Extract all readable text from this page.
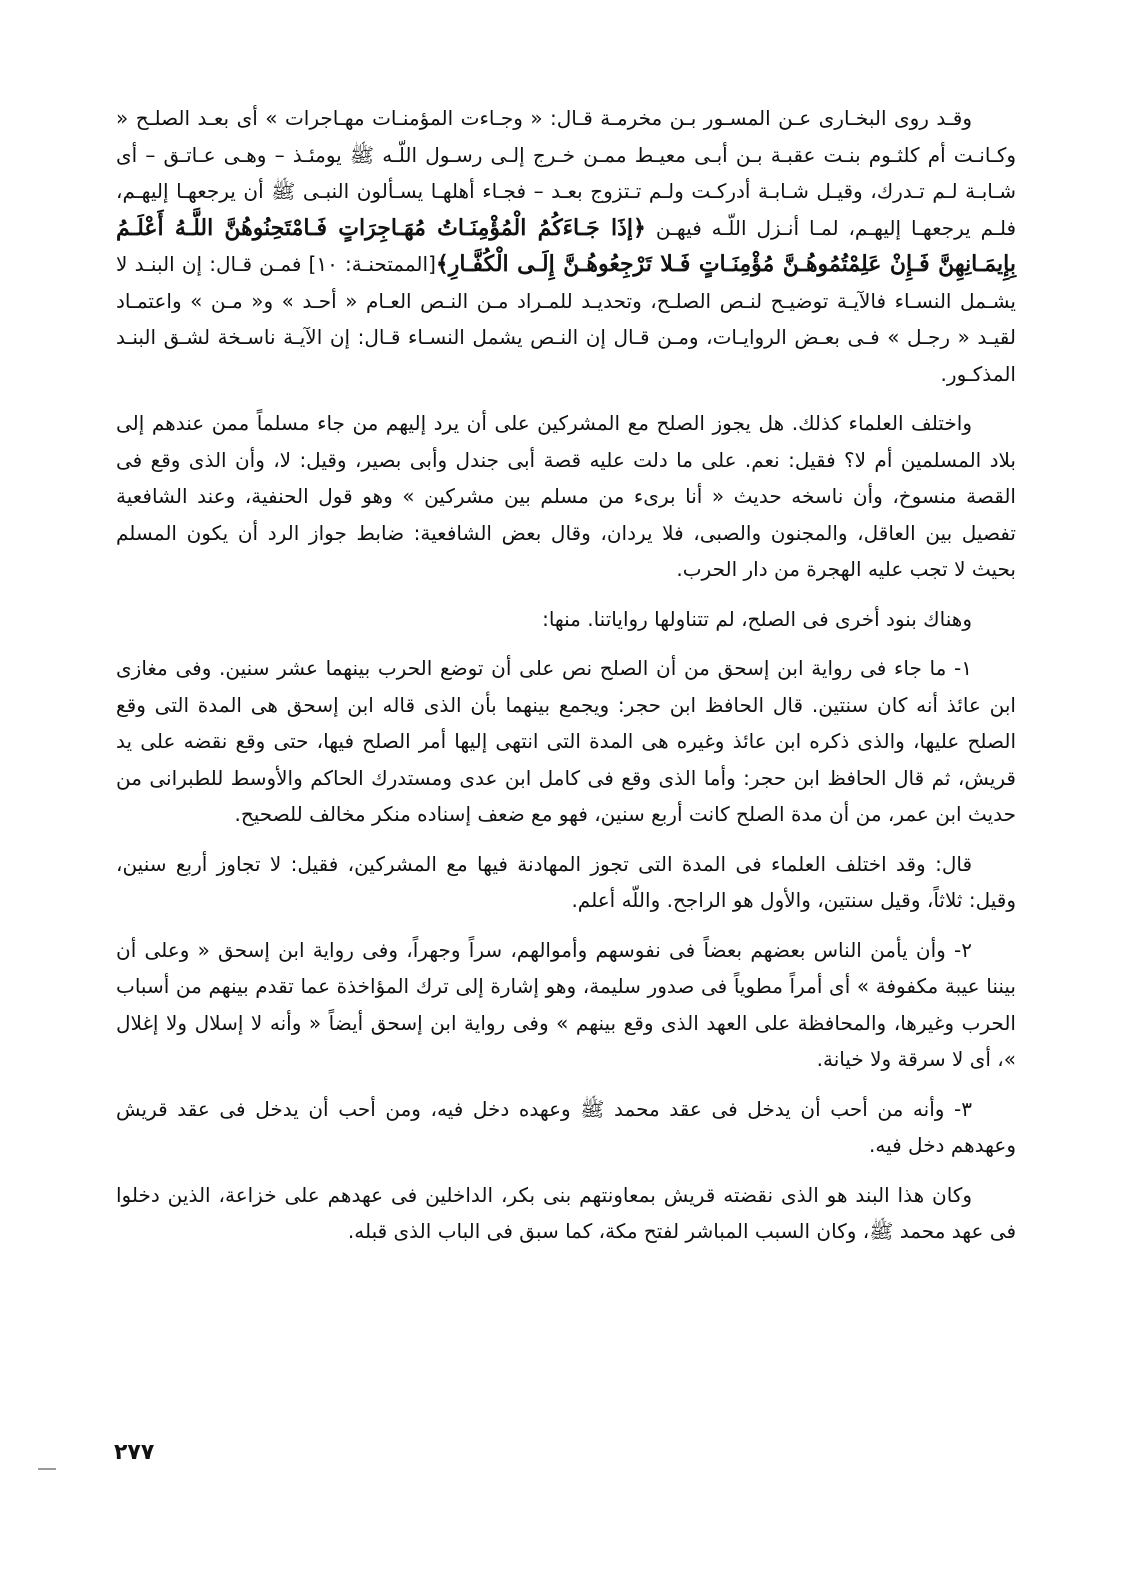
وقـد روى البخـارى عـن المسـور بـن مخرمـة قـال: « وجـاءت المؤمنـات مهـاجرات » أى بعـد الصلـح « وكـانـت أم كلثـوم بنـت عقبـة بـن أبـى معيـط ممـن خـرج إلـى رسـول اللّـه ﷺ يومئـذ – وهـى عـاتـق – أى شـابـة لـم تـدرك، وقيـل شـابـة أدركـت ولـم تـتزوج بعـد – فجـاء أهلهـا يسـألون النبـى ﷺ أن يرجعهـا إليهـم، فلـم يرجعهـا إليهـم، لمـا أنـزل اللّـه فيهـن ﴿إذَا جَـاءَكُمُ الْمُؤْمِنَـاتُ مُهَـاجِرَاتٍ فَـامْتَحِنُوهُنَّ اللَّـهُ أَعْلَـمُ بِإِيمَـانِهِنَّ فَـإِنْ عَلِمْتُمُوهُـنَّ مُؤْمِنَـاتٍ فَـلا تَرْجِعُوهُـنَّ إِلَـى الْكُفَّـارِ﴾[الممتحنـة: ١٠] فمـن قـال: إن البنـد لا يشـمل النسـاء فالآيـة توضيـح لنـص الصلـح، وتحديـد للمـراد مـن النـص العـام « أحـد » و« مـن » واعتمـاد لقيـد « رجـل » فـى بعـض الروايـات، ومـن قـال إن النـص يشمل النسـاء قـال: إن الآيـة ناسـخة لشـق البنـد المذكـور.

واختلف العلماء كذلك. هل يجوز الصلح مع المشركين على أن يرد إليهم من جاء مسلماً ممن عندهم إلى بلاد المسلمين أم لا؟ فقيل: نعم. على ما دلت عليه قصة أبى جندل وأبى بصير، وقيل: لا، وأن الذى وقع فى القصة منسوخ، وأن ناسخه حديث « أنا برىء من مسلم بين مشركين » وهو قول الحنفية، وعند الشافعية تفصيل بين العاقل، والمجنون والصبى، فلا يردان، وقال بعض الشافعية: ضابط جواز الرد أن يكون المسلم بحيث لا تجب عليه الهجرة من دار الحرب.

وهناك بنود أخرى فى الصلح، لم تتناولها رواياتنا. منها:

١- ما جاء فى رواية ابن إسحق من أن الصلح نص على أن توضع الحرب بينهما عشر سنين. وفى مغازى ابن عائذ أنه كان سنتين. قال الحافظ ابن حجر: ويجمع بينهما بأن الذى قاله ابن إسحق هى المدة التى وقع الصلح عليها، والذى ذكره ابن عائذ وغيره هى المدة التى انتهى إليها أمر الصلح فيها، حتى وقع نقضه على يد قريش، ثم قال الحافظ ابن حجر: وأما الذى وقع فى كامل ابن عدى ومستدرك الحاكم والأوسط للطبرانى من حديث ابن عمر، من أن مدة الصلح كانت أربع سنين، فهو مع ضعف إسناده منكر مخالف للصحيح.

قال: وقد اختلف العلماء فى المدة التى تجوز المهادنة فيها مع المشركين، فقيل: لا تجاوز أربع سنين، وقيل: ثلاثاً، وقيل سنتين، والأول هو الراجح. واللّه أعلم.

٢- وأن يأمن الناس بعضهم بعضاً فى نفوسهم وأموالهم، سراً وجهراً، وفى رواية ابن إسحق « وعلى أن بيننا عيبة مكفوفة » أى أمراً مطوياً فى صدور سليمة، وهو إشارة إلى ترك المؤاخذة عما تقدم بينهم من أسباب الحرب وغيرها، والمحافظة على العهد الذى وقع بينهم » وفى رواية ابن إسحق أيضاً « وأنه لا إسلال ولا إغلال »، أى لا سرقة ولا خيانة.

٣- وأنه من أحب أن يدخل فى عقد محمد ﷺ وعهده دخل فيه، ومن أحب أن يدخل فى عقد قريش وعهدهم دخل فيه.

وكان هذا البند هو الذى نقضته قريش بمعاونتهم بنى بكر، الداخلين فى عهدهم على خزاعة، الذين دخلوا فى عهد محمد ﷺ، وكان السبب المباشر لفتح مكة، كما سبق فى الباب الذى قبله.

٢٧٧
